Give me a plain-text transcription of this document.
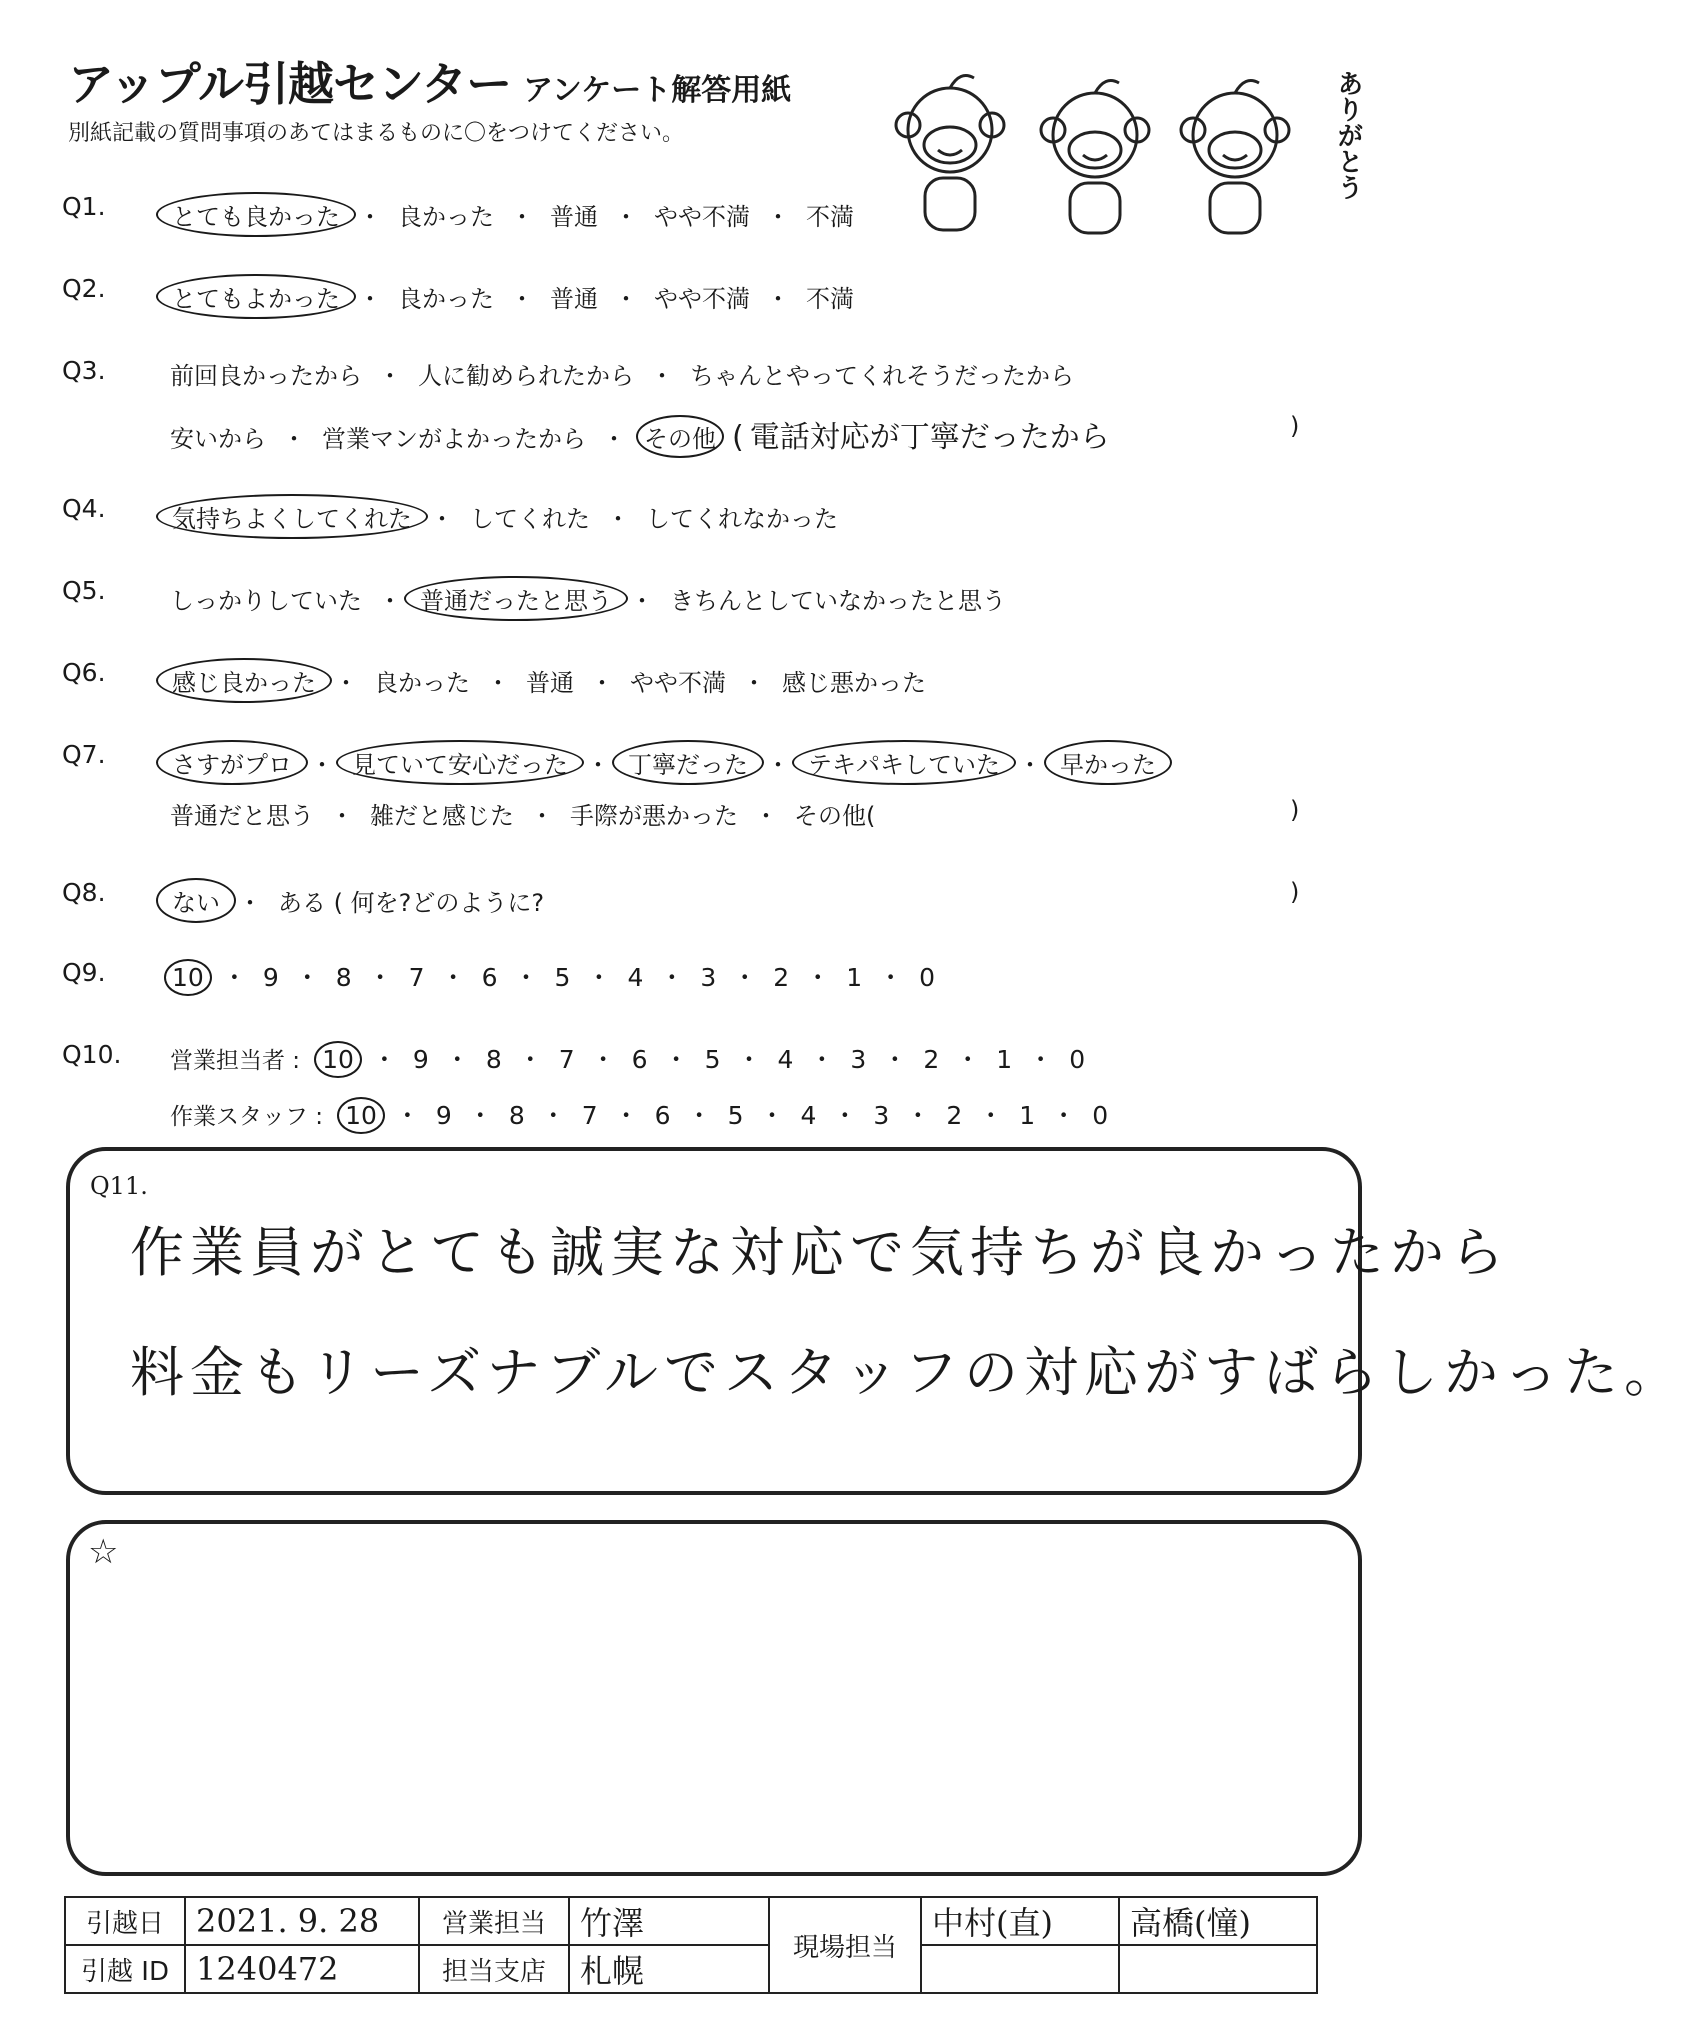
アップル引越センター アンケート解答用紙
別紙記載の質問事項のあてはまるものに〇をつけてください。	ありがとう
Q1.	とても良かった ・ 良かった ・ 普通 ・ やや不満 ・ 不満
Q2.	とてもよかった ・ 良かった ・ 普通 ・ やや不満 ・ 不満
Q3.	前回良かったから ・ 人に勧められたから ・ ちゃんとやってくれそうだったから
安いから ・ 営業マンがよかったから ・ その他 ( 電話対応が丁寧だったから	)
Q4.	気持ちよくしてくれた ・ してくれた ・ してくれなかった
Q5.	しっかりしていた ・ 普通だったと思う ・ きちんとしていなかったと思う
Q6.	感じ良かった ・ 良かった ・ 普通 ・ やや不満 ・ 感じ悪かった
Q7.	さすがプロ ・ 見ていて安心だった ・ 丁寧だった ・ テキパキしていた ・ 早かった
普通だと思う ・ 雑だと感じた ・ 手際が悪かった ・ その他(	)
Q8.	ない ・ ある ( 何を?どのように?	)
Q9.	10 ・ 9 ・ 8 ・ 7 ・ 6 ・ 5 ・ 4 ・ 3 ・ 2 ・ 1 ・ 0
Q10. 営業担当者 : 10 ・ 9 ・ 8 ・ 7 ・ 6 ・ 5 ・ 4 ・ 3 ・ 2 ・ 1 ・ 0
作業スタッフ : 10 ・ 9 ・ 8 ・ 7 ・ 6 ・ 5 ・ 4 ・ 3 ・ 2 ・ 1 ・ 0
Q11.
作業員がとても誠実な対応で気持ちが良かったから
料金もリーズナブルでスタッフの対応がすばらしかった。
☆
引越日	2021. 9. 28	営業担当	竹澤	現場担当	中村(直)	高橋(憧)
引越 ID	1240472	担当支店	札幌			
